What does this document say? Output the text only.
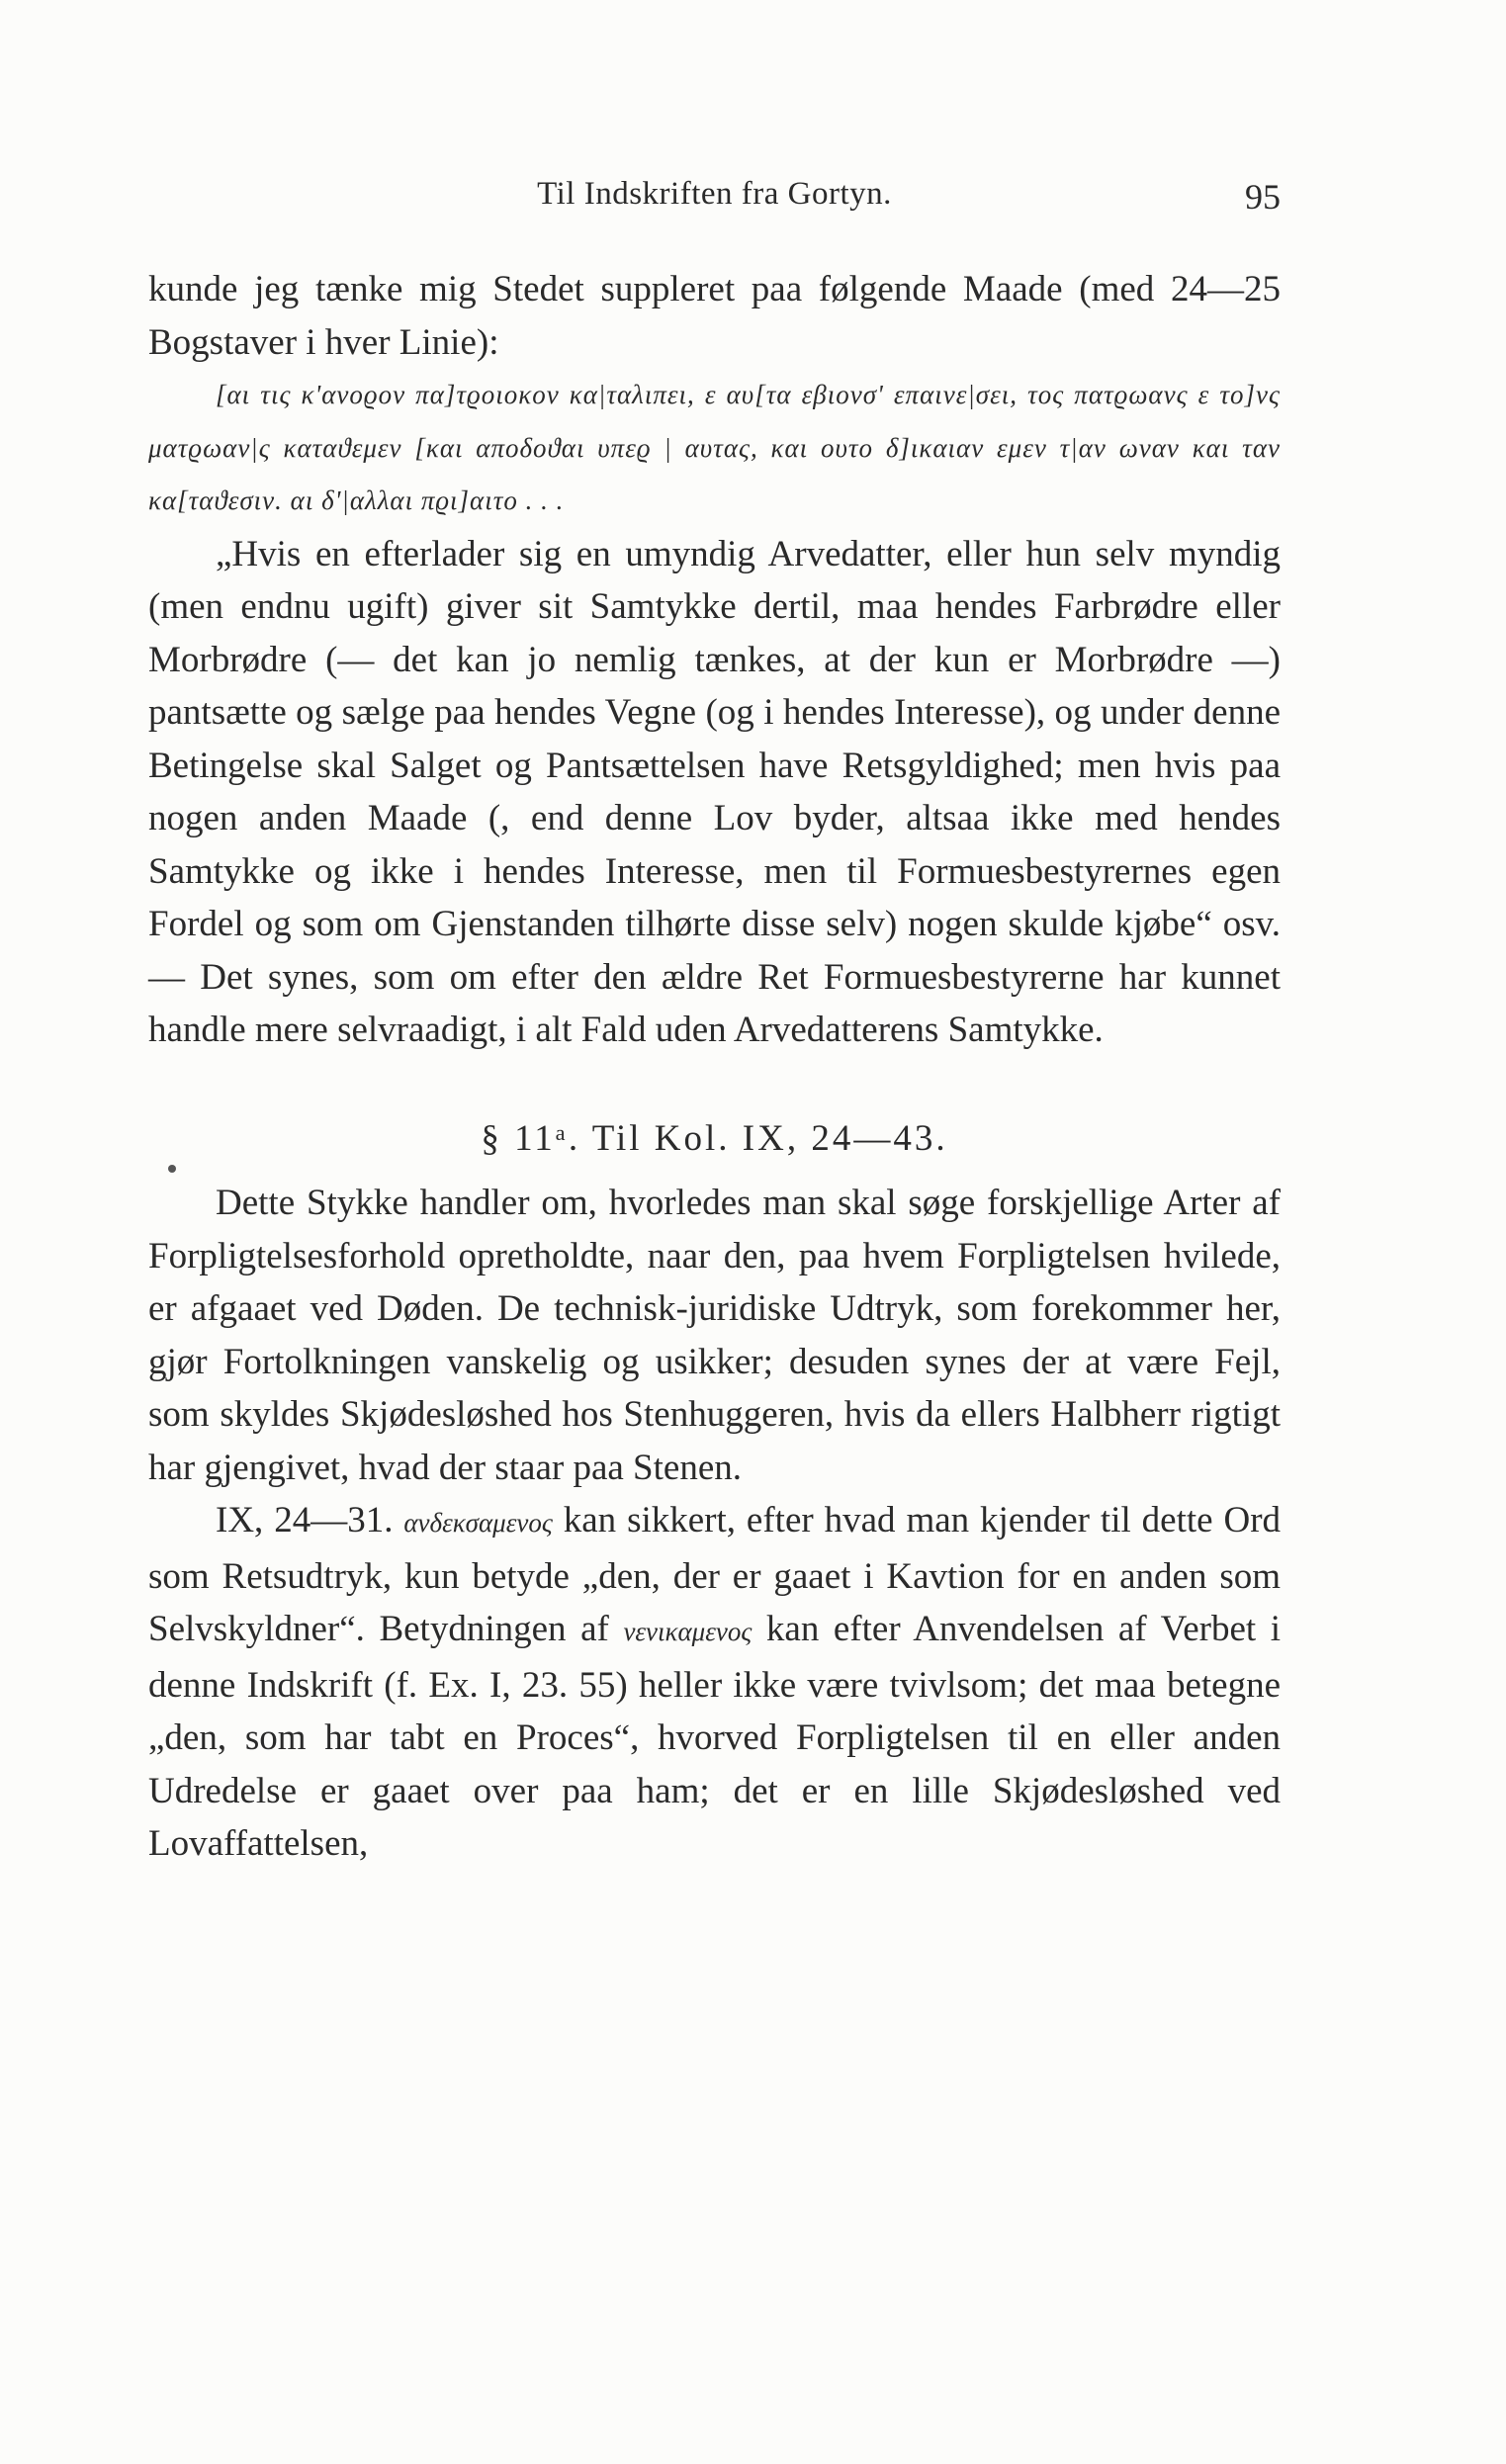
Til Indskriften fra Gortyn.	95

kunde jeg tænke mig Stedet suppleret paa følgende Maade (med 24—25 Bogstaver i hver Linie):

[αι τις κ'ανοϱον πα]τϱοιοκον κα|ταλιπει, ε αυ[τα εβιονσ' επαινε|σει, τος πατϱωανς ε το]νς ματϱωαν|ς καταϑεμεν [και αποδοϑαι υπεϱ | αυτας, και ουτο δ]ικαιαν εμεν τ|αν ωναν και ταν κα[ταϑεσιν. αι δ'|αλλαι πϱι]αιτο . . .

„Hvis en efterlader sig en umyndig Arvedatter, eller hun selv myndig (men endnu ugift) giver sit Samtykke dertil, maa hendes Farbrødre eller Morbrødre (— det kan jo nemlig tænkes, at der kun er Morbrødre —) pantsætte og sælge paa hendes Vegne (og i hendes Interesse), og under denne Betingelse skal Salget og Pantsættelsen have Retsgyldighed; men hvis paa nogen anden Maade (, end denne Lov byder, altsaa ikke med hendes Samtykke og ikke i hendes Interesse, men til Formuesbestyrernes egen Fordel og som om Gjenstanden tilhørte disse selv) nogen skulde kjøbe“ osv. — Det synes, som om efter den ældre Ret Formuesbestyrerne har kunnet handle mere selvraadigt, i alt Fald uden Arvedatterens Samtykke.

§ 11ᵃ. Til Kol. IX, 24—43.

Dette Stykke handler om, hvorledes man skal søge forskjellige Arter af Forpligtelsesforhold opretholdte, naar den, paa hvem Forpligtelsen hvilede, er afgaaet ved Døden. De technisk-juridiske Udtryk, som forekommer her, gjør Fortolkningen vanskelig og usikker; desuden synes der at være Fejl, som skyldes Skjødesløshed hos Stenhuggeren, hvis da ellers Halbherr rigtigt har gjengivet, hvad der staar paa Stenen.

IX, 24—31. ανδεκσαμενος kan sikkert, efter hvad man kjender til dette Ord som Retsudtryk, kun betyde „den, der er gaaet i Kavtion for en anden som Selvskyldner“. Betydningen af νενικαμενος kan efter Anvendelsen af Verbet i denne Indskrift (f. Ex. I, 23. 55) heller ikke være tvivlsom; det maa betegne „den, som har tabt en Proces“, hvorved Forpligtelsen til en eller anden Udredelse er gaaet over paa ham; det er en lille Skjødesløshed ved Lovaffattelsen,
